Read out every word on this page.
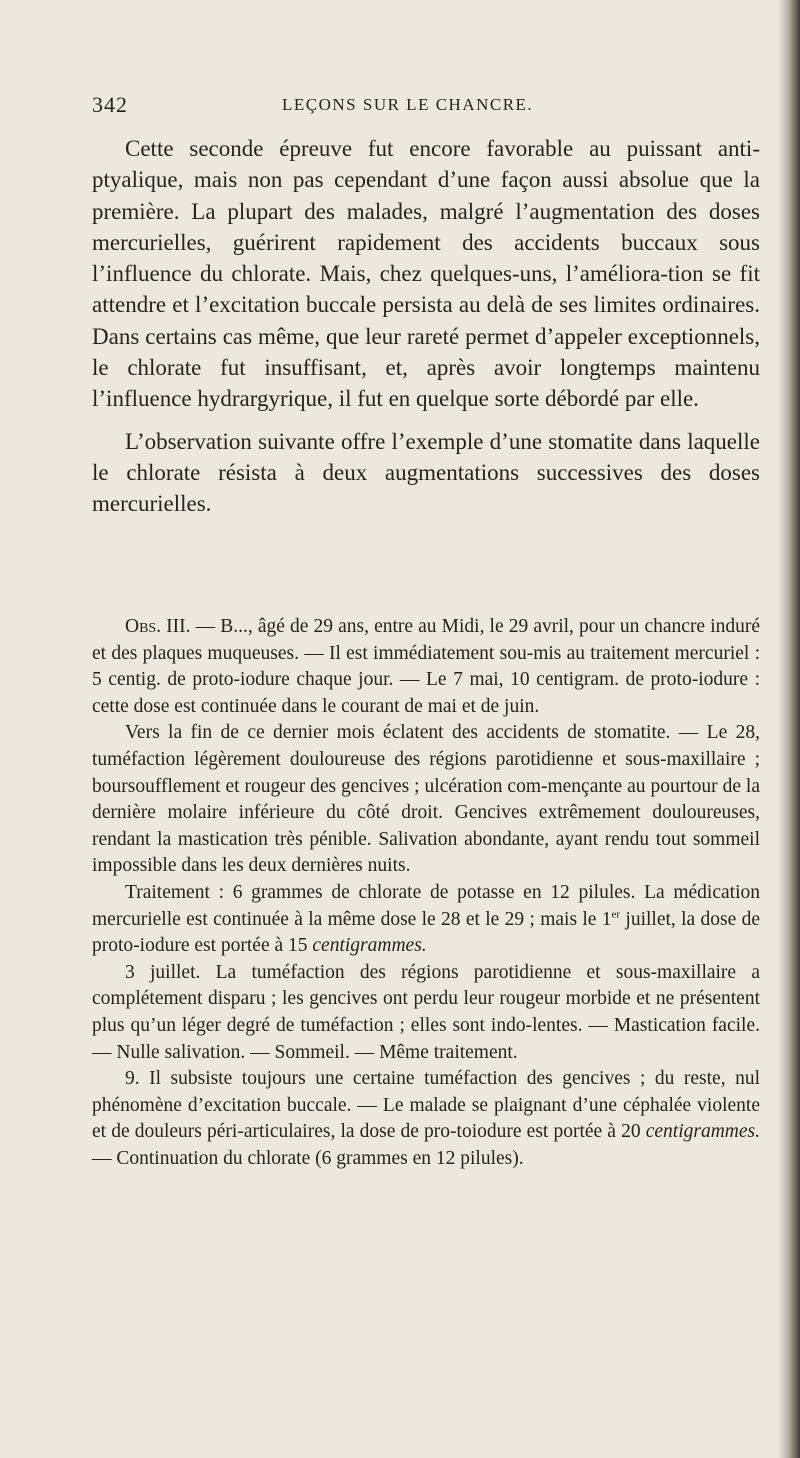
342	LEÇONS SUR LE CHANCRE.

Cette seconde épreuve fut encore favorable au puissant anti-ptyalique, mais non pas cependant d’une façon aussi absolue que la première. La plupart des malades, malgré l’augmentation des doses mercurielles, guérirent rapidement des accidents buccaux sous l’influence du chlorate. Mais, chez quelques-uns, l’améliora-tion se fit attendre et l’excitation buccale persista au delà de ses limites ordinaires. Dans certains cas même, que leur rareté permet d’appeler exceptionnels, le chlorate fut insuffisant, et, après avoir longtemps maintenu l’influence hydrargyrique, il fut en quelque sorte débordé par elle.

L’observation suivante offre l’exemple d’une stomatite dans laquelle le chlorate résista à deux augmentations successives des doses mercurielles.

Obs. III. — B..., âgé de 29 ans, entre au Midi, le 29 avril, pour un chancre induré et des plaques muqueuses. — Il est immédiatement sou-mis au traitement mercuriel : 5 centig. de proto-iodure chaque jour. — Le 7 mai, 10 centigram. de proto-iodure : cette dose est continuée dans le courant de mai et de juin.

Vers la fin de ce dernier mois éclatent des accidents de stomatite. — Le 28, tuméfaction légèrement douloureuse des régions parotidienne et sous-maxillaire ; boursoufflement et rougeur des gencives ; ulcération com-mençante au pourtour de la dernière molaire inférieure du côté droit. Gencives extrêmement douloureuses, rendant la mastication très pénible. Salivation abondante, ayant rendu tout sommeil impossible dans les deux dernières nuits.

Traitement : 6 grammes de chlorate de potasse en 12 pilules. La médication mercurielle est continuée à la même dose le 28 et le 29 ; mais le 1er juillet, la dose de proto-iodure est portée à 15 centigrammes.

3 juillet. La tuméfaction des régions parotidienne et sous-maxillaire a complétement disparu ; les gencives ont perdu leur rougeur morbide et ne présentent plus qu’un léger degré de tuméfaction ; elles sont indo-lentes. — Mastication facile. — Nulle salivation. — Sommeil. — Même traitement.

9. Il subsiste toujours une certaine tuméfaction des gencives ; du reste, nul phénomène d’excitation buccale. — Le malade se plaignant d’une céphalée violente et de douleurs péri-articulaires, la dose de pro-toiodure est portée à 20 centigrammes. — Continuation du chlorate (6 grammes en 12 pilules).
